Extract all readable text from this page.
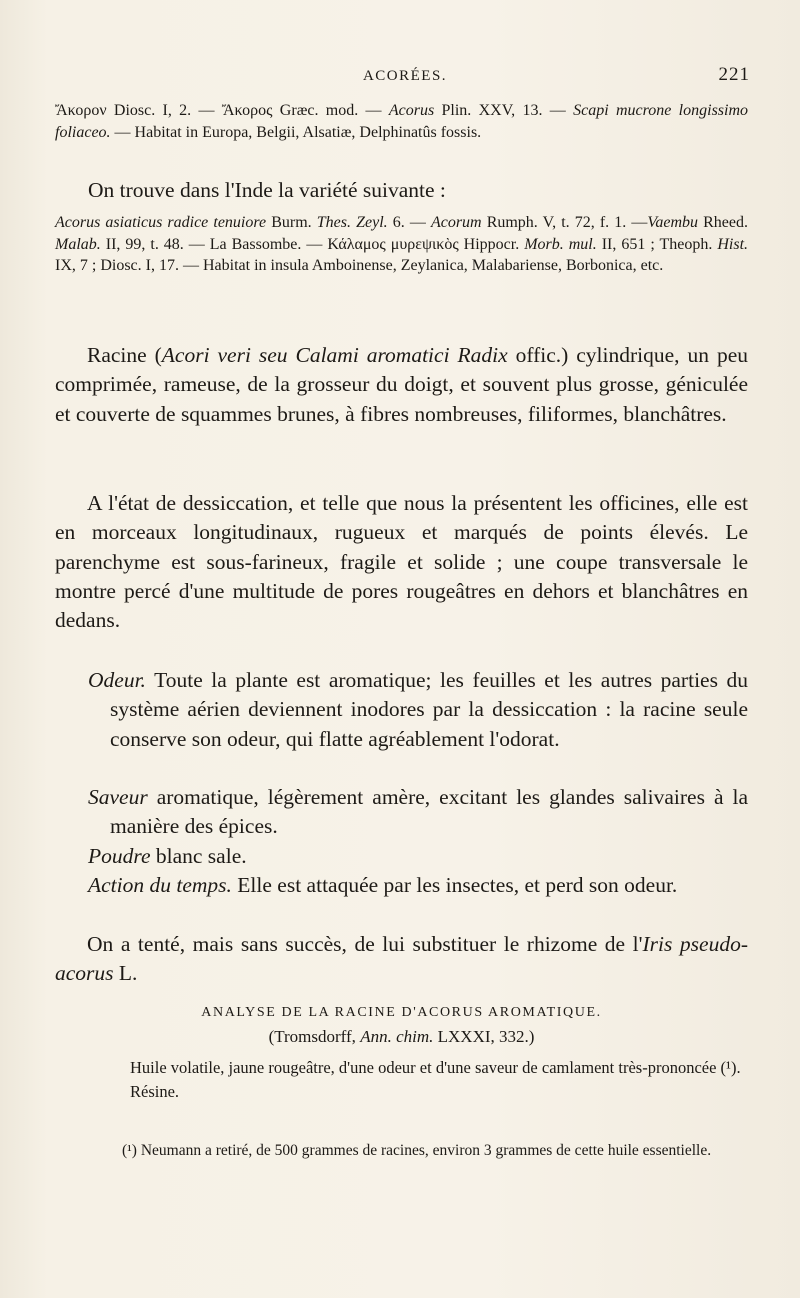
ACORÉES.	221
Ἄκορον Diosc. I, 2. — Ἄκορος Græc. mod. — Acorus Plin. XXV, 13. — Scapi mucrone longissimo foliaceo. — Habitat in Europa, Belgii, Alsatiæ, Delphinatûs fossis.
On trouve dans l'Inde la variété suivante :
Acorus asiaticus radice tenuiore Burm. Thes. Zeyl. 6. — Acorum Rumph. V, t. 72, f. 1. —Vaembu Rheed. Malab. II, 99, t. 48. — La Bassombe. — Κάλαμος μυρεψικὸς Hippocr. Morb. mul. II, 651 ; Theoph. Hist. IX, 7 ; Diosc. I, 17. — Habitat in insula Amboinense, Zeylanica, Malabariense, Borbonica, etc.
Racine (Acori veri seu Calami aromatici Radix offic.) cylindrique, un peu comprimée, rameuse, de la grosseur du doigt, et souvent plus grosse, géniculée et couverte de squammes brunes, à fibres nombreuses, filiformes, blanchâtres.
A l'état de dessiccation, et telle que nous la présentent les officines, elle est en morceaux longitudinaux, rugueux et marqués de points élevés. Le parenchyme est sous-farineux, fragile et solide ; une coupe transversale le montre percé d'une multitude de pores rougeâtres en dehors et blanchâtres en dedans.
Odeur. Toute la plante est aromatique; les feuilles et les autres parties du système aérien deviennent inodores par la dessiccation : la racine seule conserve son odeur, qui flatte agréablement l'odorat.
Saveur aromatique, légèrement amère, excitant les glandes salivaires à la manière des épices.
Poudre blanc sale.
Action du temps. Elle est attaquée par les insectes, et perd son odeur.
On a tenté, mais sans succès, de lui substituer le rhizome de l'Iris pseudo-acorus L.
ANALYSE DE LA RACINE D'ACORUS AROMATIQUE.
(Tromsdorff, Ann. chim. LXXXI, 332.)
Huile volatile, jaune rougeâtre, d'une odeur et d'une saveur de camlament très-prononcée (¹).
Résine.
(¹) Neumann a retiré, de 500 grammes de racines, environ 3 grammes de cette huile essentielle.
